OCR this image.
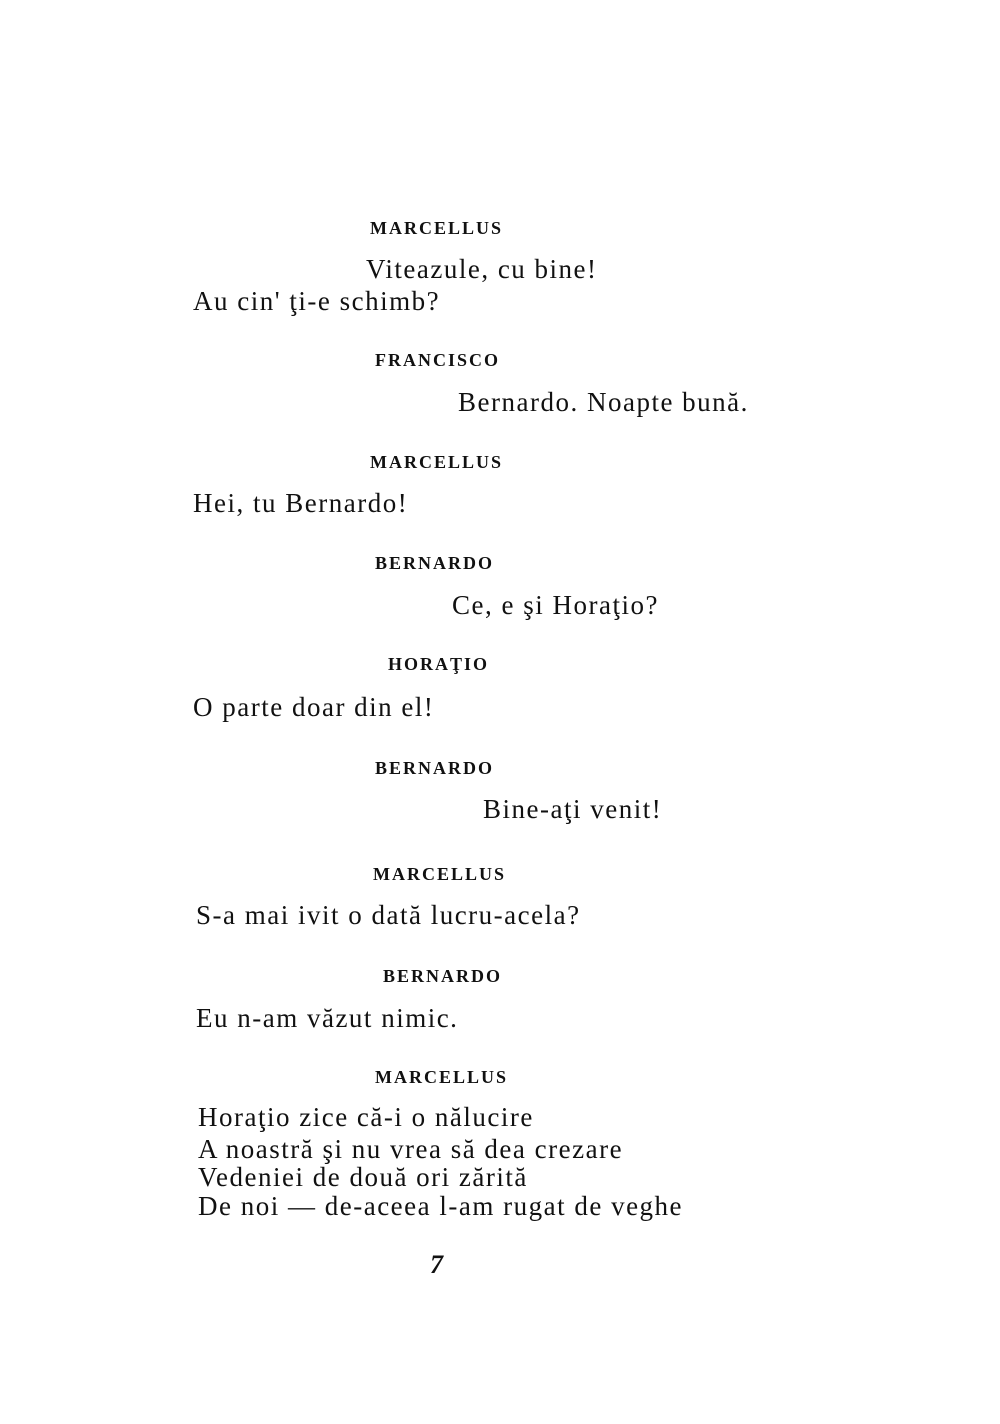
MARCELLUS
Viteazule, cu bine!
Au cin' ţi-e schimb?
FRANCISCO
Bernardo. Noapte bună.
MARCELLUS
Hei, tu Bernardo!
BERNARDO
Ce, e şi Horaţio?
HORAŢIO
O parte doar din el!
BERNARDO
Bine-aţi venit!
MARCELLUS
S-a mai ivit o dată lucru-acela?
BERNARDO
Eu n-am văzut nimic.
MARCELLUS
Horaţio zice că-i o nălucire
A noastră şi nu vrea să dea crezare
Vedeniei de două ori zărită
De noi — de-aceea l-am rugat de veghe
7
